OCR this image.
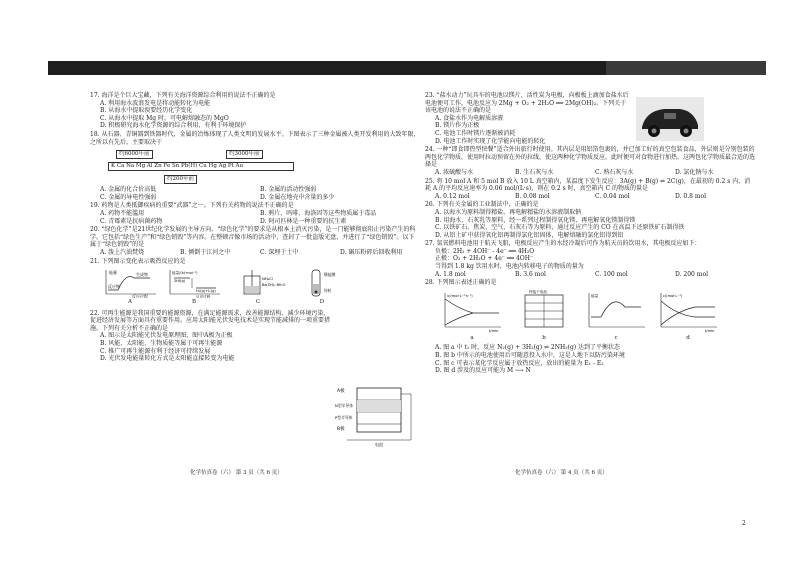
17. 海洋是个巨大宝藏，下列有关海洋资源综合利用的说法不正确的是
A. 利用海水波浪发电是将动能转化为电能
B. 从海水中提取溴要经历化学变化
C. 从海水中提取 Mg 时，可电解熔融态的 MgO
D. 积极研究海水化学资源的综合利用，有利于环境保护
18. 从石器、青铜器到铁器时代，金属的冶炼体现了人类文明的发展水平。下图表示了三种金属被人类开发利用的大致年限，之所以有先后，主要取决于
约6000年前	约3000年前
K Ca Na Mg Al Zn Fe Sn Pb(H) Cu Hg Ag Pt Au
约200年前
A. 金属的化合价高低	B. 金属的活动性强弱
C. 金属的导电性强弱	D. 金属在地壳中含量的多少
19. 药物是人类抵御疾病的重要“武器”之一。下列有关药物的说法不正确的是
A. 药物不能滥用	B. 鸦片、吗啡、海洛因等这些物质属于毒品
C. 青霉素是抗病菌药物	D. 阿司匹林是一种重要的抗生素
20. “绿色化学”是21世纪化学发展的主导方向。“绿色化学”的要求是从根本上消灭污染，是一门能够彻底阻止污染产生的科学。它包括“绿色生产”和“绿色销毁”等内容。在整顿音像市场的活动中，查封了一批盗版光盘，并进行了“绿色销毁”。以下属于“绿色销毁”的是
A. 泼上汽油焚烧	B. 倾倒于江河之中	C. 深埋于土中	D. 碾压粉碎后回收利用
21. 下列图示变化表示吸热反应的是
能量	生成物
反应物
反应过程
能量/(kJ·mol⁻¹)
2HI(g)
H₂(g)+I₂(g)
反应过程
NH₄Cl
Ba(OH)₂·8H₂O
稀盐酸
锌粒
A	B	C	D
22. 可再生能源是我国重要的能源资源，在满足能源需求，改善能源结构、减少环境污染、促进经济发展等方面具有重要作用。应用太阳能光伏发电技术是实现节能减排的一项重要措施。下列有关分析不正确的是
A. 图示是太阳能光伏发电原理图，图中A极为正极
B. 风能、太阳能、生物质能等属于可再生能源
C. 推广可再生能源有利于经济可持续发展
D. 光伏发电能量转化方式是太阳能直接转变为电能
A极
B极
N型半导体
P型半导体
电流
化学仿真卷（六） 第 3 页（共 6 页）
23. “盐水动力”玩具车的电池以镁片、活性炭为电极，向极板上滴加食盐水后电池便可工作，电池反应为 2Mg + O₂ + 2H₂O ══ 2Mg(OH)₂。下列关于该电池的说法不正确的是
A. 食盐水作为电解质溶液
B. 镁片作为正极
C. 电池工作时镁片逐渐被消耗
D. 电池工作时实现了化学能向电能的转化
24. 一种“即食即热型快餐”适合外出旅行时使用。其内层是用铝箔包裹的，并已加工好的真空包装食品，外层则是分别包装的两包化学物质，使用时拉动预留在外的拉线，使这两种化学物质反应，此时便可对食物进行加热，这两包化学物质最合适的选择是
A. 浓硫酸与水	B. 生石灰与水	C. 熟石灰与水	D. 氯化钠与水
25. 将 10 mol A 和 5 mol B 放入 10 L 真空箱内，某温度下发生反应：3A(g) + B(g) ⇌ 2C(g)，在最初的 0.2 s 内，消耗 A 的平均反应速率为 0.06 mol/(L·s)，则在 0.2 s 时，真空箱内 C 的物质的量是
A. 0.12 mol	B. 0.08 mol	C. 0.04 mol	D. 0.8 mol
26. 下列有关金属的工业制法中，正确的是
A. 以海水为原料制得精盐，再电解精盐的水溶液制取钠
B. 用海水、石灰乳等原料，经一系列过程制得氧化镁，再电解氧化镁制得镁
C. 以铁矿石、焦炭、空气、石灰石等为原料，通过反应产生的 CO 在高温下还原铁矿石制得铁
D. 从铝土矿中获得氧化铝再制得氯化铝固体，电解熔融的氯化铝得到铝
27. 氢氧燃料电池用于航天飞船，电极反应产生的水经冷凝后可作为航天员的饮用水，其电极反应如下：
负极：2H₂ + 4OH⁻ - 4e⁻ ══ 4H₂O
正极：O₂ + 2H₂O + 4e⁻ ══ 4OH⁻
当得到 1.8 kg 饮用水时，电池内转移电子的物质的量为
A. 1.8 mol	B. 3.6 mol	C. 100 mol	D. 200 mol
28. 下列图示表述正确的是
v/(mol·L⁻¹·s⁻¹)
t/min
锌锰干电池
能量	c/(mol·L⁻¹)
t/min
a	b	c	d
A. 图 a 中 t₁ 时，反应 N₂(g) + 3H₂(g) ⇌ 2NH₃(g) 达到了平衡状态
B. 图 b 中所示的电池使用后可随意投入水中，这是人地下以防污染环境
C. 图 c 可表示某化学反应属于放热反应，放出的能量为 E₁ - E₂
D. 图 d 涉及的反应可能为 M ⟶ N
化学仿真卷（六） 第 4 页（共 6 页）
2
